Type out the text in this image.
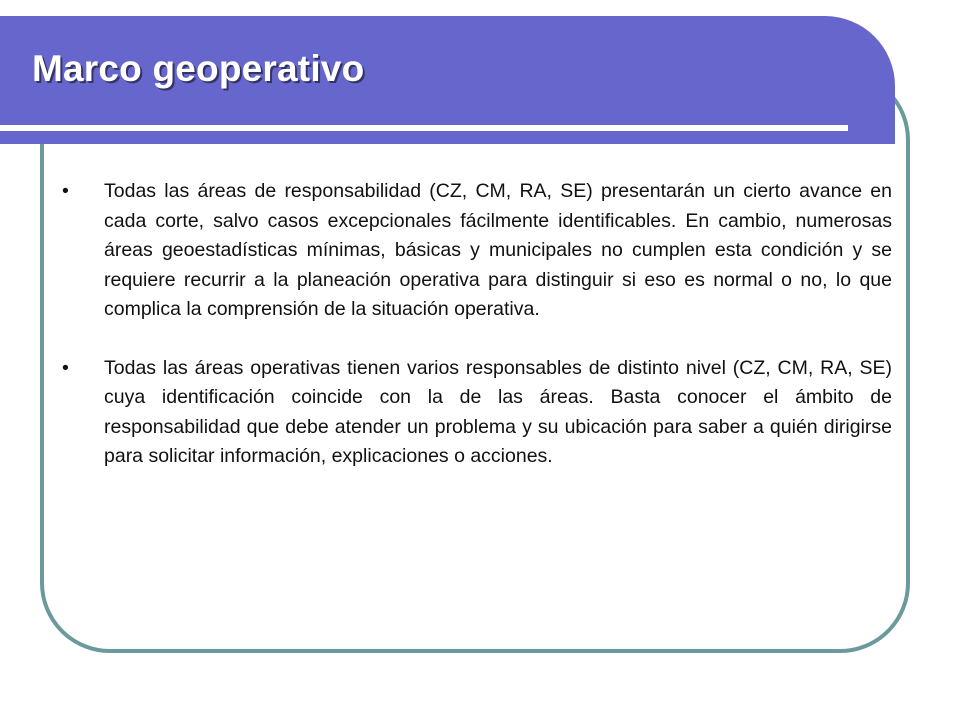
Marco geoperativo
•	Todas las áreas de responsabilidad (CZ, CM, RA, SE) presentarán un cierto avance en cada corte, salvo casos excepcionales fácilmente identificables. En cambio, numerosas áreas geoestadísticas mínimas, básicas y municipales no cumplen esta condición y se requiere recurrir a la planeación operativa para distinguir si eso es normal o no, lo que complica la comprensión de la situación operativa.
•	Todas las áreas operativas tienen varios responsables de distinto nivel (CZ, CM, RA, SE) cuya identificación coincide con la de las áreas. Basta conocer el ámbito de responsabilidad que debe atender un problema y su ubicación para saber a quién dirigirse para solicitar información, explicaciones o acciones.
